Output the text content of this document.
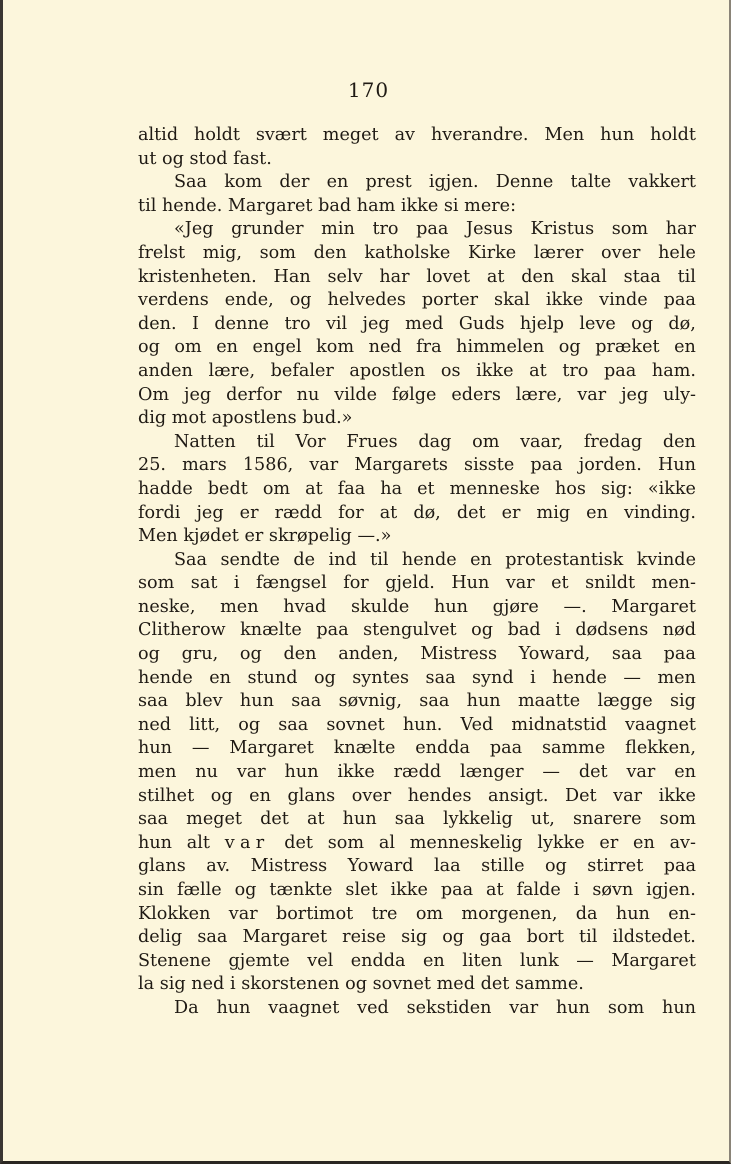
170
altid holdt svært meget av hverandre. Men hun holdt
ut og stod fast.
Saa kom der en prest igjen. Denne talte vakkert
til hende. Margaret bad ham ikke si mere:
«Jeg grunder min tro paa Jesus Kristus som har
frelst mig, som den katholske Kirke lærer over hele
kristenheten. Han selv har lovet at den skal staa til
verdens ende, og helvedes porter skal ikke vinde paa
den. I denne tro vil jeg med Guds hjelp leve og dø,
og om en engel kom ned fra himmelen og præket en
anden lære, befaler apostlen os ikke at tro paa ham.
Om jeg derfor nu vilde følge eders lære, var jeg uly-
dig mot apostlens bud.»
Natten til Vor Frues dag om vaar, fredag den
25. mars 1586, var Margarets sisste paa jorden. Hun
hadde bedt om at faa ha et menneske hos sig: «ikke
fordi jeg er rædd for at dø, det er mig en vinding.
Men kjødet er skrøpelig —.»
Saa sendte de ind til hende en protestantisk kvinde
som sat i fængsel for gjeld. Hun var et snildt men-
neske, men hvad skulde hun gjøre —. Margaret
Clitherow knælte paa stengulvet og bad i dødsens nød
og gru, og den anden, Mistress Yoward, saa paa
hende en stund og syntes saa synd i hende — men
saa blev hun saa søvnig, saa hun maatte lægge sig
ned litt, og saa sovnet hun. Ved midnatstid vaagnet
hun — Margaret knælte endda paa samme flekken,
men nu var hun ikke rædd længer — det var en
stilhet og en glans over hendes ansigt. Det var ikke
saa meget det at hun saa lykkelig ut, snarere som
hun alt var det som al menneskelig lykke er en av-
glans av. Mistress Yoward laa stille og stirret paa
sin fælle og tænkte slet ikke paa at falde i søvn igjen.
Klokken var bortimot tre om morgenen, da hun en-
delig saa Margaret reise sig og gaa bort til ildstedet.
Stenene gjemte vel endda en liten lunk — Margaret
la sig ned i skorstenen og sovnet med det samme.
Da hun vaagnet ved sekstiden var hun som hun
